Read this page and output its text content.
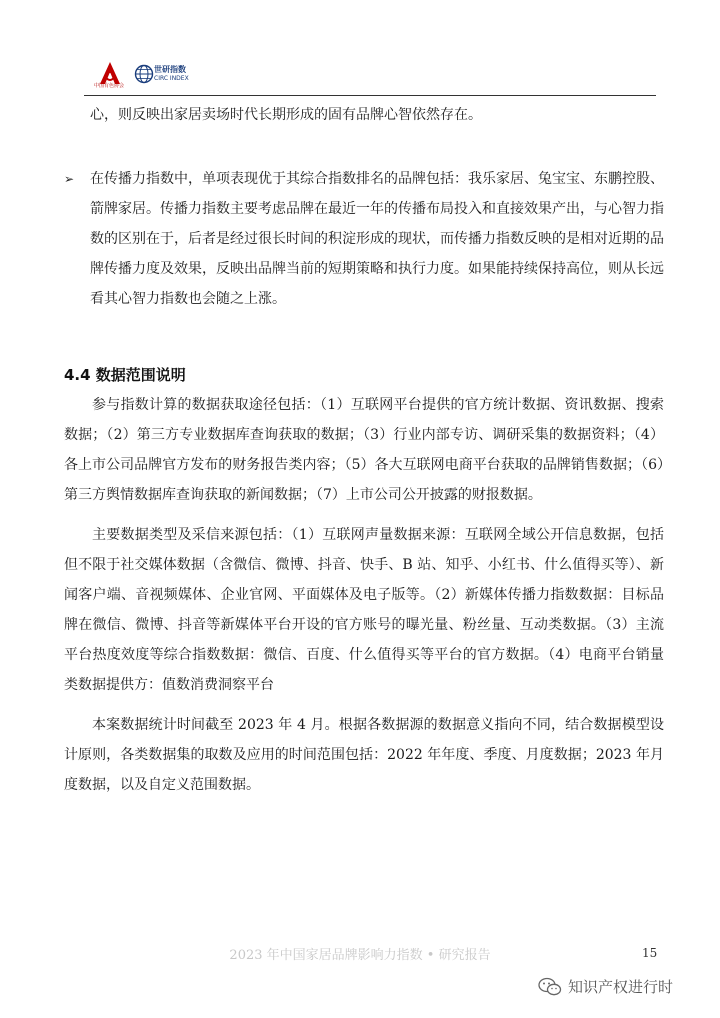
中国有色协会
世研指数
CIRC INDEX

心，则反映出家居卖场时代长期形成的固有品牌心智依然存在。

➢ 在传播力指数中，单项表现优于其综合指数排名的品牌包括：我乐家居、兔宝宝、东鹏控股、箭牌家居。传播力指数主要考虑品牌在最近一年的传播布局投入和直接效果产出，与心智力指数的区别在于，后者是经过很长时间的积淀形成的现状，而传播力指数反映的是相对近期的品牌传播力度及效果，反映出品牌当前的短期策略和执行力度。如果能持续保持高位，则从长远看其心智力指数也会随之上涨。

4.4 数据范围说明

参与指数计算的数据获取途径包括：（1）互联网平台提供的官方统计数据、资讯数据、搜索数据；（2）第三方专业数据库查询获取的数据；（3）行业内部专访、调研采集的数据资料；（4）各上市公司品牌官方发布的财务报告类内容；（5）各大互联网电商平台获取的品牌销售数据；（6）第三方舆情数据库查询获取的新闻数据；（7）上市公司公开披露的财报数据。

主要数据类型及采信来源包括：（1）互联网声量数据来源：互联网全域公开信息数据，包括但不限于社交媒体数据（含微信、微博、抖音、快手、B 站、知乎、小红书、什么值得买等）、新闻客户端、音视频媒体、企业官网、平面媒体及电子版等。（2）新媒体传播力指数数据：目标品牌在微信、微博、抖音等新媒体平台开设的官方账号的曝光量、粉丝量、互动类数据。（3）主流平台热度效度等综合指数数据：微信、百度、什么值得买等平台的官方数据。（4）电商平台销量类数据提供方：值数消费洞察平台

本案数据统计时间截至 2023 年 4 月。根据各数据源的数据意义指向不同，结合数据模型设计原则，各类数据集的取数及应用的时间范围包括：2022 年年度、季度、月度数据；2023 年月度数据，以及自定义范围数据。

2023 年中国家居品牌影响力指数 • 研究报告	15
知识产权进行时
